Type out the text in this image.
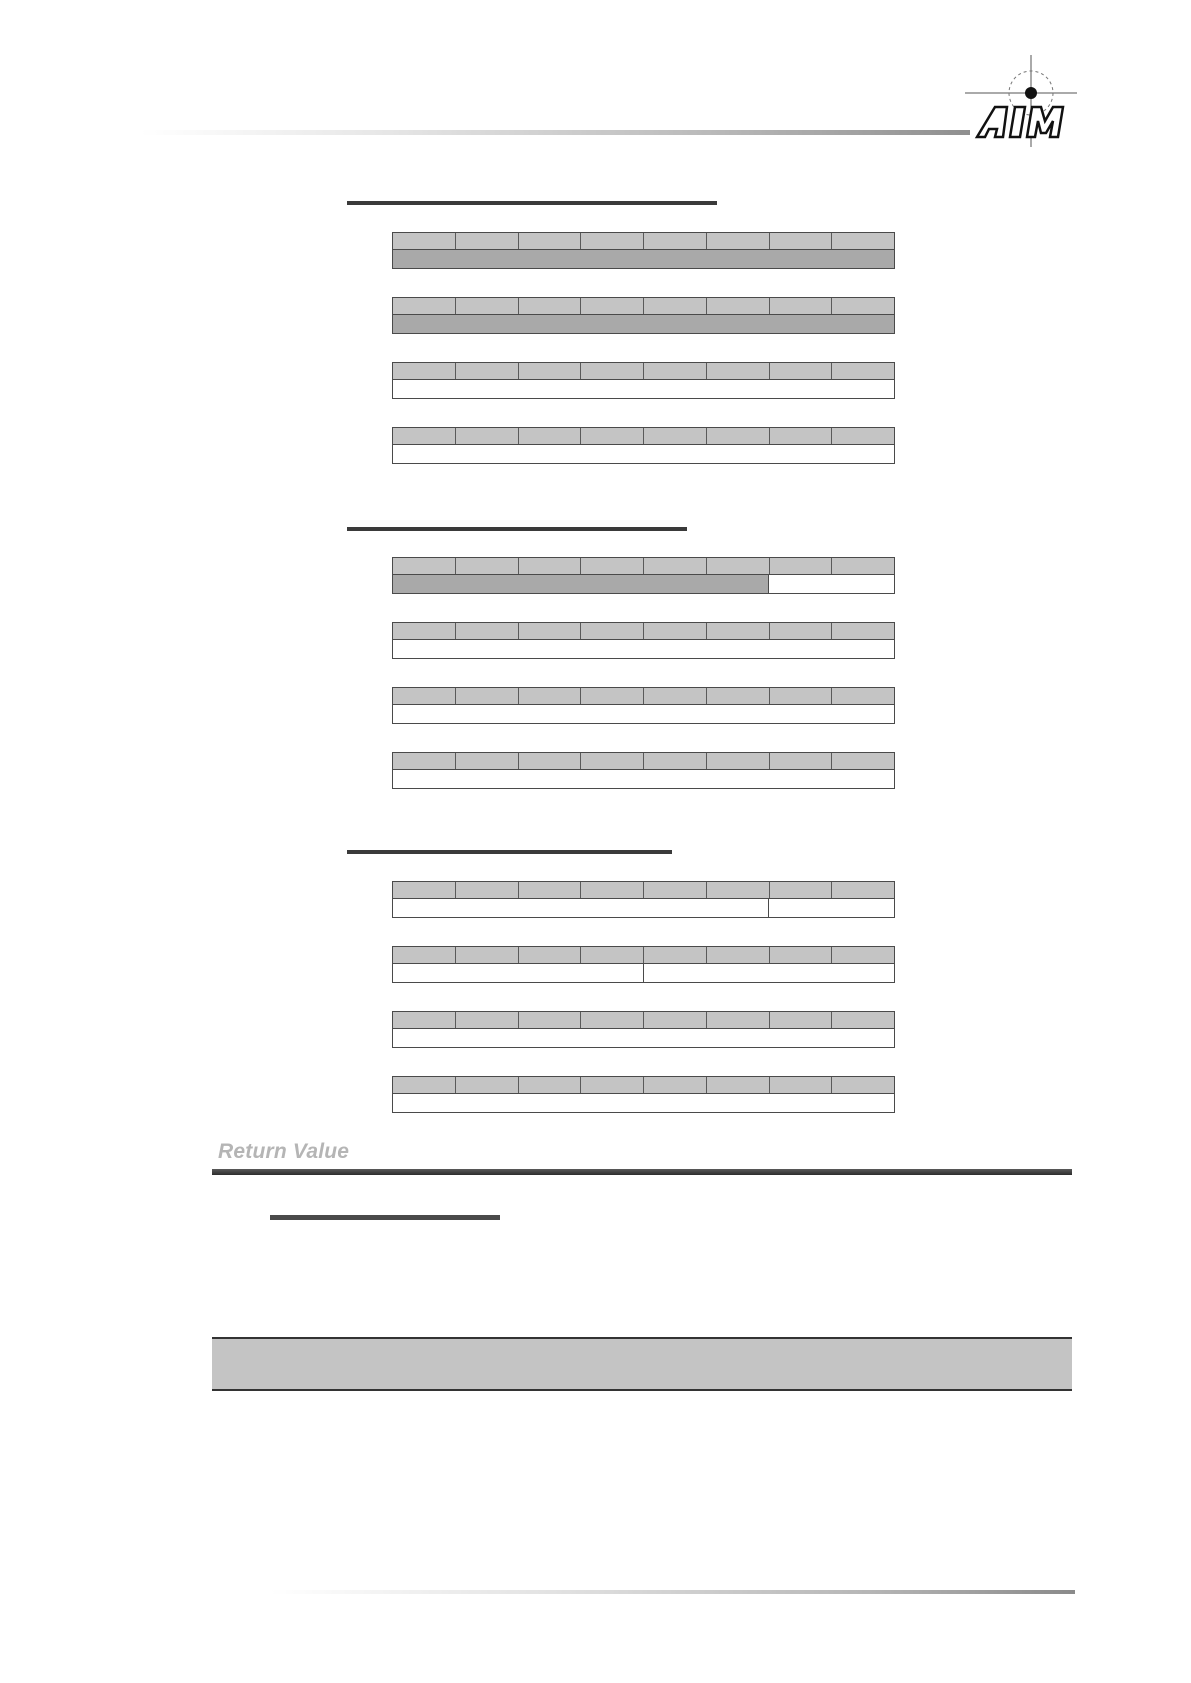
Return Value
